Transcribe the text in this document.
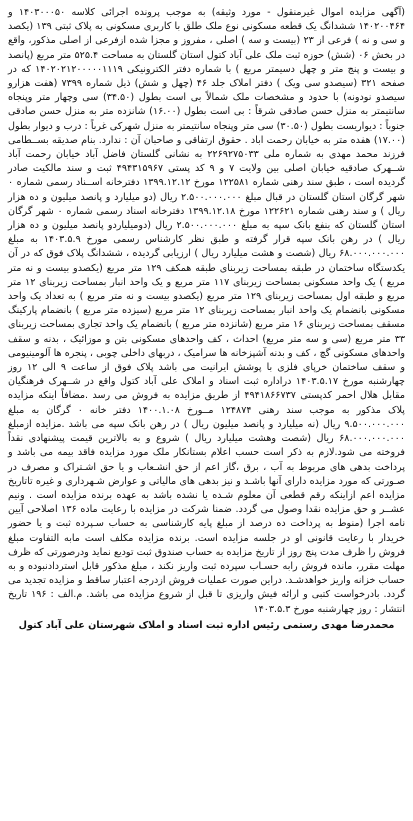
(آگهی مزایده اموال غیرمنقول - مورد وثیقه) به موجب پرونده اجرائی کلاسه ۱۴۰۳۰۰۰۵۰ و ۱۴۰۲۰۰۴۶۴ ششدانگ یک قطعه مسکونی نوع ملک طلق با کاربری مسکونی به پلاک ثبتی ۱۳۹ (یکصد و سی و نه ) فرعی از ۲۳ (بیست و سه ) اصلی ، مفروز و مجزا شده ازفرعی از اصلی مذکور، واقع در بخش ۰۶ (شش) حوزه ثبت ملک علی آباد کتول استان گلستان به مساحت ۵۲۵.۴ متر مربع (پانصد و بیست و پنج متر و چهل دسیمتر مربع ) با شماره دفتر الکترونیکی ۱۴۰۲۰۲۱۲۰۰۰۰۰۱۱۱۹ که در صفحه ۳۲۱ (سیصدو سی ویک ) دفتر املاک جلد ۴۶ (چهل و شش) ذیل شماره ۷۳۹۹ (هفت هزارو سیصدو نودونه) با حدود و مشخصات ملک شمالاً بی است بطول (۳۴.۵۰) سی وچهار متر وپنجاه سانتیمتر به منزل حسن صادقی شرقاً : بی است بطول (۱۶.۰۰) شانزده متر به منزل حسن صادقی جنوباً : دیواریست بطول (۳۰.۵۰) سی متر وپنجاه سانتیمتر به منزل شهرکی غرباً : درب و دیوار بطول (۱۷.۰۰) هفده متر به خیابان رحمت اباد . حقوق ارتفاقی و صاحبان آن : ندارد. بنام صدیقه بســطامی فرزند محمد مهدی به شماره ملی ۲۲۶۹۲۷۵۰۳۳ به نشانی گلستان فاضل آباد خیابان رحمت آباد شــهرک صادقیه خیابان اصلی بین ولایت ۷ و ۹ کد پستی ۴۹۴۳۱۵۹۶۷ ثبت و سند مالکیت صادر گردیده است ، طبق سند رهنی شماره ۱۲۲۵۸۱ مورخ ۱۳۹۹.۱۲.۱۲ دفترخانه اســناد رسمی شماره ۰ شهر گرگان استان گلستان در قبال مبلغ ۲.۵۰۰.۰۰۰.۰۰۰ ریال (دو میلیارد و پانصد میلیون و ده هزار ریال ) و سند رهنی شماره ۱۲۲۶۲۱ مورخ ۱۳۹۹.۱۲.۱۸ دفترخانه اسناد رسمی شماره ۰ شهر گرگان استان گلستان که بنفع بانک سپه به مبلغ ۲.۵۰۰.۰۰۰.۰۰۰ ریال (دومیلیاردو پانصد میلیون و ده هزار ریال ) در رهن بانک سپه قرار گرفته و طبق نظر کارشناس رسمی مورخ ۱۴۰۳.۵.۹ به مبلغ ۶۸.۰۰۰.۰۰۰.۰۰۰ ریال (شصت و هشت میلیارد ریال ) ارزیابی گردیده ، ششدانگ پلاک فوق که در آن یکدستگاه ساختمان در طبقه بمساحت زیربنای طبقه همکف ۱۲۹ متر مربع (یکصدو بیست و نه متر مربع ) یک واحد مسکونی بمساحت زیربنای ۱۱۷ متر مربع و یک واحد انبار بمساحت زیربنای ۱۲ متر مربع و طبقه اول بمساحت زیربنای ۱۲۹ متر مربع (یکصدو بیست و نه متر مربع ) به تعداد یک واحد مسکونی بانضمام یک واحد انبار بمساحت زیربنای ۱۲ متر مربع (سیزده متر مربع ) بانضمام پارکینگ مسقف بمساحت زیربنای ۱۶ متر مربع (شانزده متر مربع ) بانضمام یک واحد تجاری بمساحت زیربنای ۳۳ متر مربع (سی و سه متر مربع) احداث ، کف واحدهای مسکونی بتن و موزائیک ، بدنه و سقف واحدهای مسکونی گچ ، کف و بدنه آشپزخانه ها سرامیک ، دربهای داخلی چوبی ، پنجره ها آلومینیومی و سقف ساختمان خرپای فلزی با پوشش ایرانیت می باشد پلاک فوق از ساعت ۹ الی ۱۲ روز چهارشنبه مورخ ۱۴۰۳.۵.۱۷ دراداره ثبت اسناد و املاک علی آباد کتول واقع در شــهرک فرهنگیان مقابل هلال احمر کدپستی ۴۹۴۱۸۶۶۷۳۷ از طریق مزایده به فروش می رسد .مضافاً اینکه مزایده پلاک مذکور به موجب سند رهنی ۱۲۴۸۷۴ مــورخ ۱۴۰۰.۱.۰۸ دفتر خانه ۰ گرگان به مبلغ ۹.۵۰۰.۰۰۰.۰۰۰ ریال (نه میلیارد و پانصد میلیون ریال ) در رهن بانک سپه می باشد .مزایده ازمبلغ ۶۸.۰۰۰.۰۰۰.۰۰۰ ریال (شصت وهشت میلیارد ریال ) شروع و به بالاترین قیمت پیشنهادی نقداً فروخته می شود.لازم به ذکر است حسب اعلام بستانکار ملک مورد مزایده فاقد بیمه می باشد و پرداخت بدهی های مربوط به آب ، برق ،گاز اعم از حق انشـعاب و یا حق اشـتراک و مصرف در صـورتی که مورد مزایده دارای آنها باشـد و نیز بدهی های مالیاتی و عوارض شـهرداری و غیره تاتاریخ مزایده اعم ازاینکه رقم قطعی آن معلوم شـده یا نشده باشد به عهده برنده مزایده است . ونیم عشــر و حق مزایده نقدا وصول می گردد. ضمنا شرکت در مزایده با رعایت ماده ۱۳۶ اصلاحی آیین نامه اجرا (منوط به پرداخت ده درصد از مبلغ پایه کارشناسی به حساب سـپرده ثبت و یا حضور خریدار با رعایت قانونی او در جلسه مزایده است. برنده مزایده مکلف است مابه التفاوت مبلغ فروش را ظرف مدت پنج روز از تاریخ مزایده به حساب صندوق ثبت تودیع نماید ودرصورتی که ظرف مهلت مقرر، مانده فروش رابه حسـاب سپرده ثبت واریز نکند ، مبلغ مذکور قابل استردادنبوده و به حساب خزانه واریز خواهدشـد. دراین صورت عملیات فروش ازدرجه اعتبار ساقط و مزایده تجدید می گردد. بادرخواست کتبی و ارائه فیش واریزی تا قبل از شروع مزایده می باشد. م.الف : ۱۹۶ تاریخ انتشار : روز چهارشنبه مورخ ۱۴۰۳.۵.۳

محمدرضا مهدی رستمی رئیس اداره ثبت اسناد و املاک شهرستان علی آباد کتول
